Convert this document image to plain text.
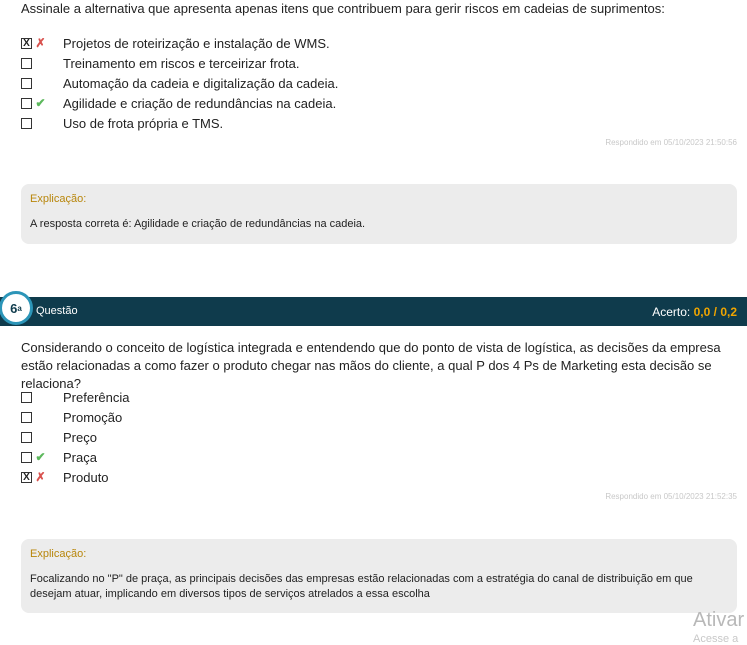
Assinale a alternativa que apresenta apenas itens que contribuem para gerir riscos em cadeias de suprimentos:
X ✗ Projetos de roteirização e instalação de WMS.
Treinamento em riscos e terceirizar frota.
Automação da cadeia e digitalização da cadeia.
✔ Agilidade e criação de redundâncias na cadeia.
Uso de frota própria e TMS.
Respondido em 05/10/2023 21:50:56
Explicação:
A resposta correta é: Agilidade e criação de redundâncias na cadeia.
6 a Questão	Acerto: 0,0 / 0,2
Considerando o conceito de logística integrada e entendendo que do ponto de vista de logística, as decisões da empresa estão relacionadas a como fazer o produto chegar nas mãos do cliente, a qual P dos 4 Ps de Marketing esta decisão se relaciona?
Preferência
Promoção
Preço
✔ Praça
X ✗ Produto
Respondido em 05/10/2023 21:52:35
Explicação:
Focalizando no "P" de praça, as principais decisões das empresas estão relacionadas com a estratégia do canal de distribuição em que desejam atuar, implicando em diversos tipos de serviços atrelados a essa escolha
Ativar
Acesse a
